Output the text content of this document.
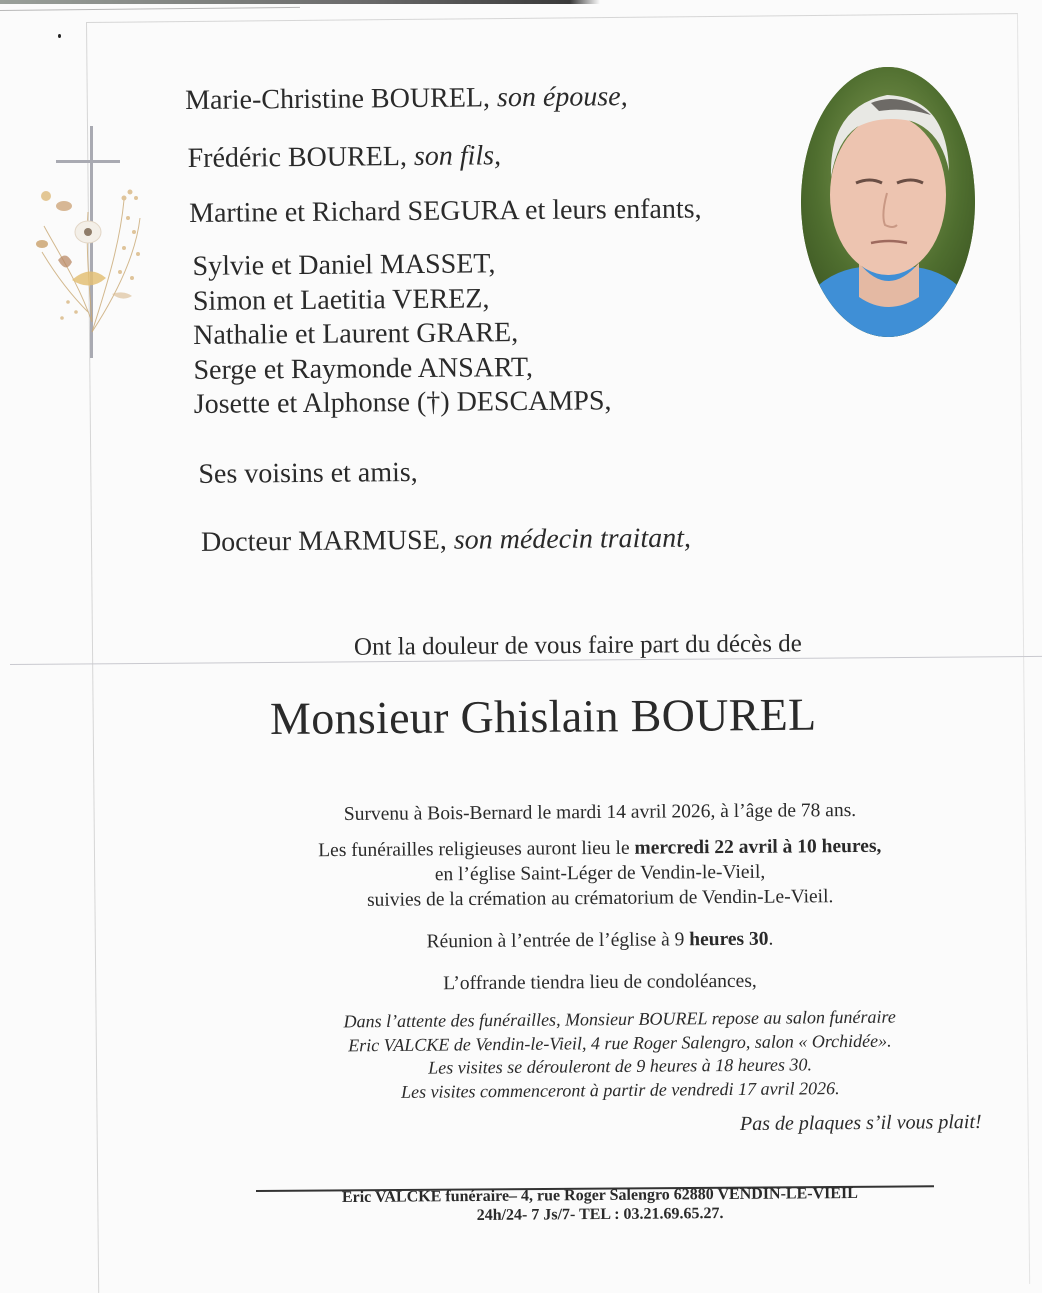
Marie-Christine BOUREL, son épouse,
Frédéric BOUREL, son fils,
Martine et Richard SEGURA et leurs enfants,
Sylvie et Daniel MASSET,
Simon et Laetitia VEREZ,
Nathalie et Laurent GRARE,
Serge et Raymonde ANSART,
Josette et Alphonse (†) DESCAMPS,
Ses voisins et amis,
Docteur MARMUSE, son médecin traitant,
Ont la douleur de vous faire part du décès de
Monsieur Ghislain BOUREL
Survenu à Bois-Bernard le mardi 14 avril 2026, à l’âge de 78 ans.
Les funérailles religieuses auront lieu le mercredi 22 avril à 10 heures,
en l’église Saint-Léger de Vendin-le-Vieil,
suivies de la crémation au crématorium de Vendin-Le-Vieil.
Réunion à l’entrée de l’église à 9 heures 30.
L’offrande tiendra lieu de condoléances,
Dans l’attente des funérailles, Monsieur BOUREL repose au salon funéraire
Eric VALCKE de Vendin-le-Vieil, 4 rue Roger Salengro, salon « Orchidée».
Les visites se dérouleront de 9 heures à 18 heures 30.
Les visites commenceront à partir de vendredi 17 avril 2026.
Pas de plaques s’il vous plait!
Eric VALCKE funéraire– 4, rue Roger Salengro 62880 VENDIN-LE-VIEIL
24h/24- 7 Js/7- TEL : 03.21.69.65.27.
